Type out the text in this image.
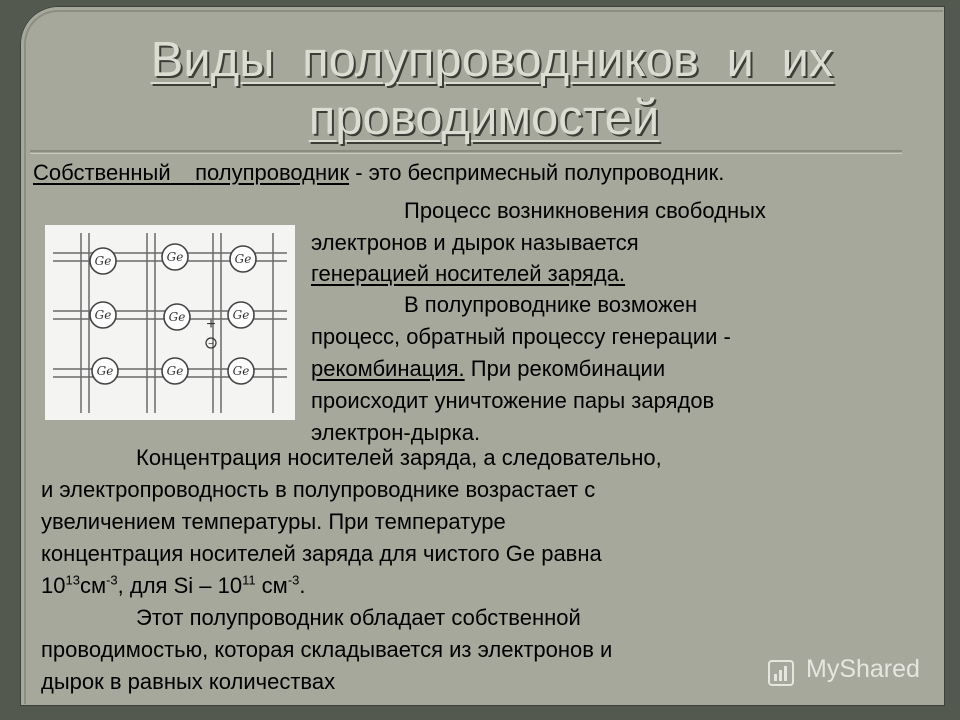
Виды полупроводников и их
проводимостей
Собственный полупроводник - это беспримесный полупроводник.
Ge	Ge	Ge
Ge	Ge	Ge
Ge	Ge	Ge
+
−
Процесс возникновения свободных
электронов и дырок называется
генерацией носителей заряда.
В полупроводнике возможен
процесс, обратный процессу генерации -
рекомбинация. При рекомбинации
происходит уничтожение пары зарядов
электрон-дырка.
Концентрация носителей заряда, а следовательно,
и электропроводность в полупроводнике возрастает с
увеличением температуры. При температуре
концентрация носителей заряда для чистого Ge равна
$10^{13}см^{-3}$, для Si – $10^{11}$ $см^{-3}$.
Этот полупроводник обладает собственной
проводимостью, которая складывается из электронов и
дырок в равных количествах	MyShared
